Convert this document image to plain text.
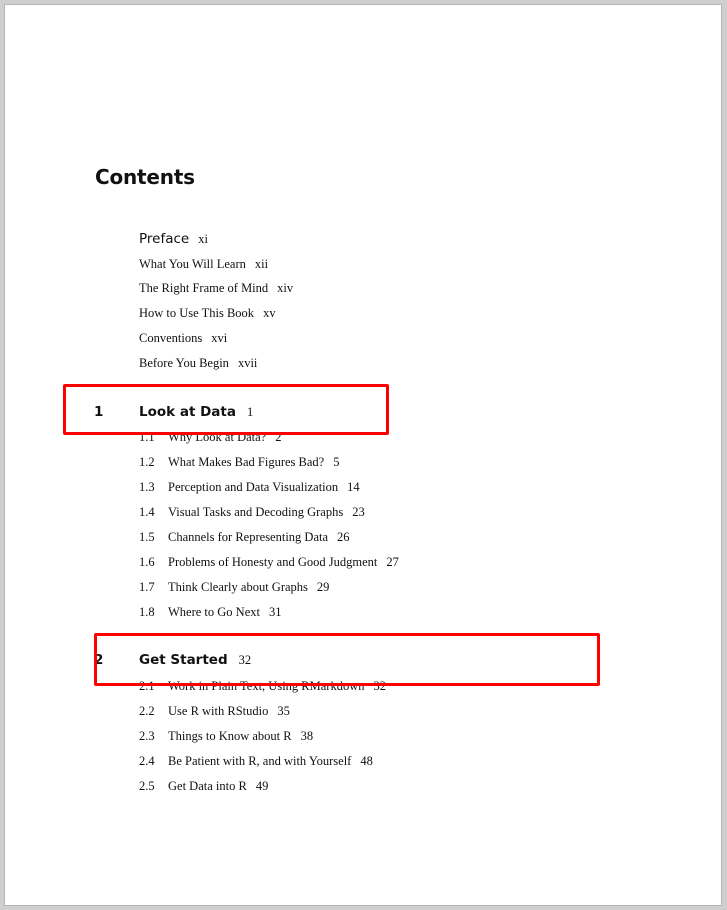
Contents
Preface xi
What You Will Learn xii
The Right Frame of Mind xiv
How to Use This Book xv
Conventions xvi
Before You Begin xvii
1	Look at Data 1
1.1 Why Look at Data? 2
1.2 What Makes Bad Figures Bad? 5
1.3 Perception and Data Visualization 14
1.4 Visual Tasks and Decoding Graphs 23
1.5 Channels for Representing Data 26
1.6 Problems of Honesty and Good Judgment 27
1.7 Think Clearly about Graphs 29
1.8 Where to Go Next 31
2	Get Started 32
2.1 Work in Plain Text, Using RMarkdown 32
2.2 Use R with RStudio 35
2.3 Things to Know about R 38
2.4 Be Patient with R, and with Yourself 48
2.5 Get Data into R 49
